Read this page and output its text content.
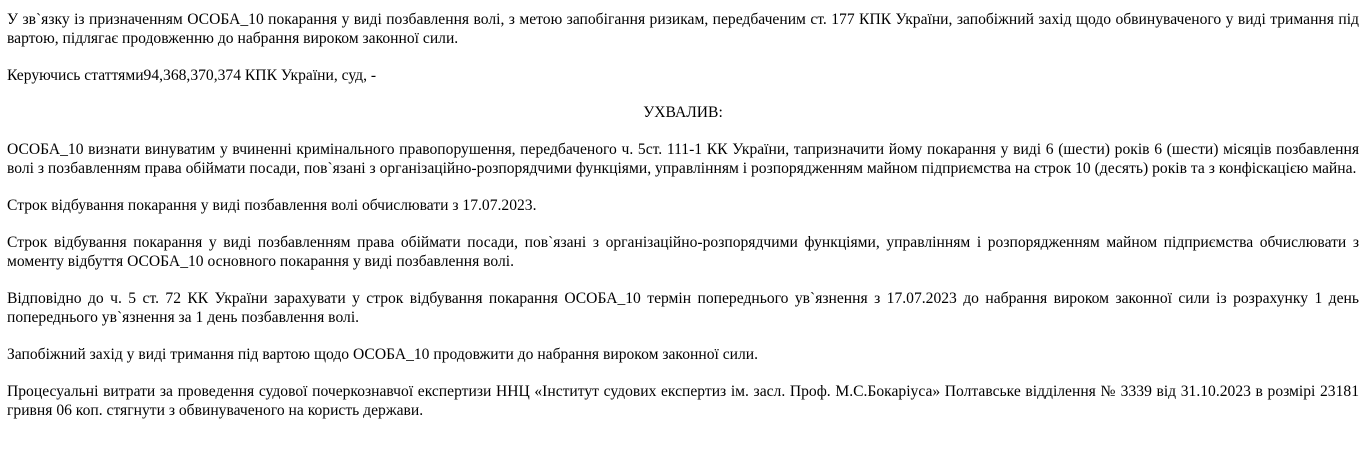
У зв`язку із призначенням ОСОБА_10 покарання у виді позбавлення волі, з метою запобігання ризикам, передбаченим ст. 177 КПК України, запобіжний захід щодо обвинуваченого у виді тримання під вартою, підлягає продовженню до набрання вироком законної сили.

Керуючись статтями94,368,370,374 КПК України, суд, -

УХВАЛИВ:

ОСОБА_10 визнати винуватим у вчиненні кримінального правопорушення, передбаченого ч. 5ст. 111-1 КК України, тапризначити йому покарання у виді 6 (шести) років 6 (шести) місяців позбавлення волі з позбавленням права обіймати посади, пов`язані з організаційно-розпорядчими функціями, управлінням і розпорядженням майном підприємства на строк 10 (десять) років та з конфіскацією майна.

Строк відбування покарання у виді позбавлення волі обчислювати з 17.07.2023.

Строк відбування покарання у виді позбавленням права обіймати посади, пов`язані з організаційно-розпорядчими функціями, управлінням і розпорядженням майном підприємства обчислювати з моменту відбуття ОСОБА_10 основного покарання у виді позбавлення волі.

Відповідно до ч. 5 ст. 72 КК України зарахувати у строк відбування покарання ОСОБА_10 термін попереднього ув`язнення з 17.07.2023 до набрання вироком законної сили із розрахунку 1 день попереднього ув`язнення за 1 день позбавлення волі.

Запобіжний захід у виді тримання під вартою щодо ОСОБА_10 продовжити до набрання вироком законної сили.

Процесуальні витрати за проведення судової почеркознавчої експертизи ННЦ «Інститут судових експертиз ім. засл. Проф. М.С.Бокаріуса» Полтавське відділення № 3339 від 31.10.2023 в розмірі 23181 гривня 06 коп. стягнути з обвинуваченого на користь держави.
